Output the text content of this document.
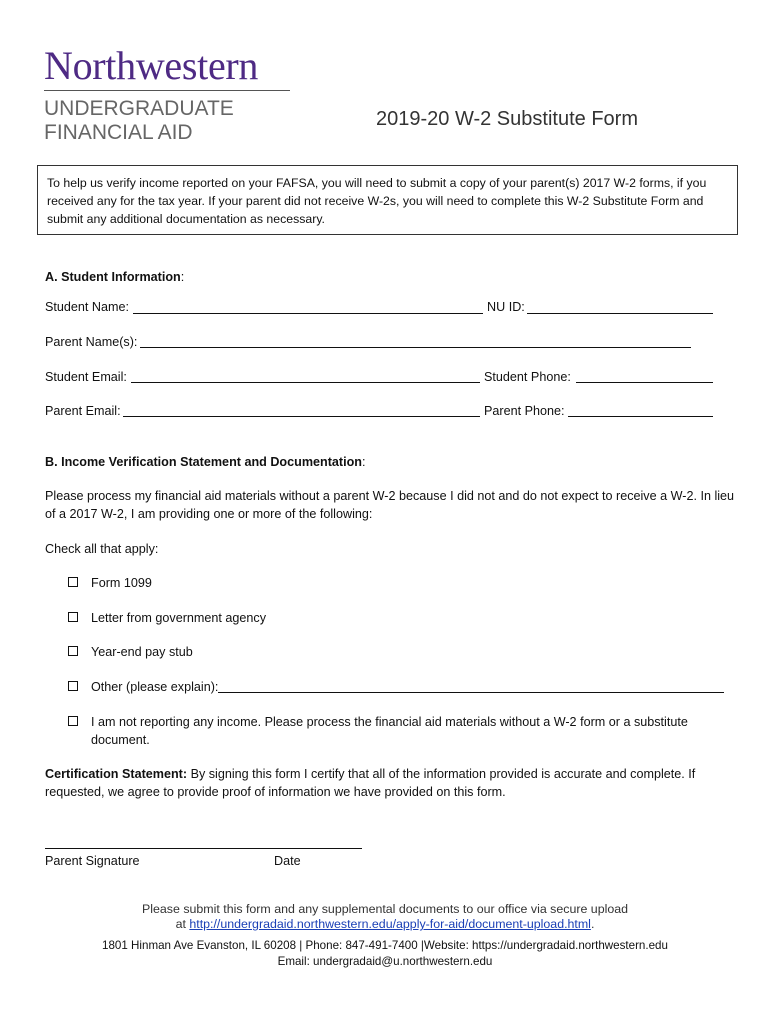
Northwestern
UNDERGRADUATE
FINANCIAL AID
2019-20 W-2 Substitute Form
To help us verify income reported on your FAFSA, you will need to submit a copy of your parent(s) 2017 W-2 forms, if you received any for the tax year. If your parent did not receive W-2s, you will need to complete this W-2 Substitute Form and submit any additional documentation as necessary.
A. Student Information:
Student Name:	NU ID:
Parent Name(s):
Student Email:	Student Phone:
Parent Email:	Parent Phone:
B. Income Verification Statement and Documentation:
Please process my financial aid materials without a parent W-2 because I did not and do not expect to receive a W-2. In lieu of a 2017 W-2, I am providing one or more of the following:
Check all that apply:
Form 1099
Letter from government agency
Year-end pay stub
Other (please explain):
I am not reporting any income. Please process the financial aid materials without a W-2 form or a substitute document.
Certification Statement: By signing this form I certify that all of the information provided is accurate and complete. If requested, we agree to provide proof of information we have provided on this form.
Parent Signature	Date
Please submit this form and any supplemental documents to our office via secure upload
at http://undergradaid.northwestern.edu/apply-for-aid/document-upload.html.
1801 Hinman Ave Evanston, IL 60208 | Phone: 847-491-7400 |Website: https://undergradaid.northwestern.edu
Email: undergradaid@u.northwestern.edu
